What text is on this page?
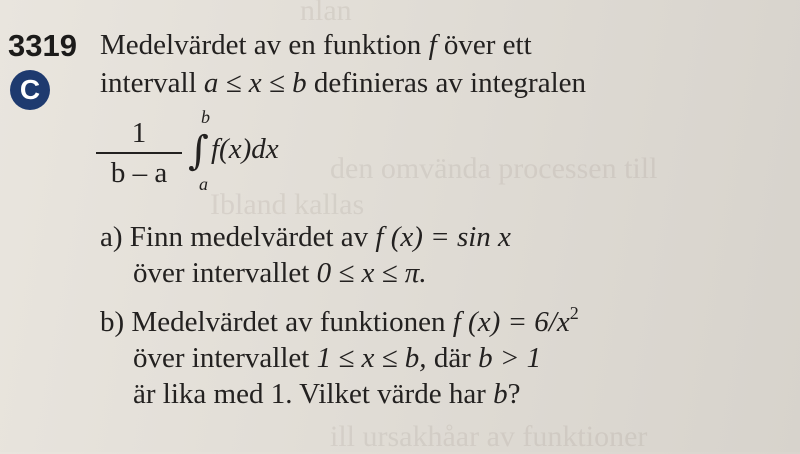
nlan
den omvända processen till
Ibland kallas
ill ursakhåar av funktioner
3319
C
Medelvärdet av en funktion f över ett
intervall a ≤ x ≤ b definieras av integralen
1
b – a
b
∫
a
f(x)dx
a) Finn medelvärdet av f (x) = sin x
över intervallet 0 ≤ x ≤ π.
b) Medelvärdet av funktionen f $(x) = 6/x^2$
över intervallet 1 ≤ x ≤ b, där b > 1
är lika med 1. Vilket värde har b?
